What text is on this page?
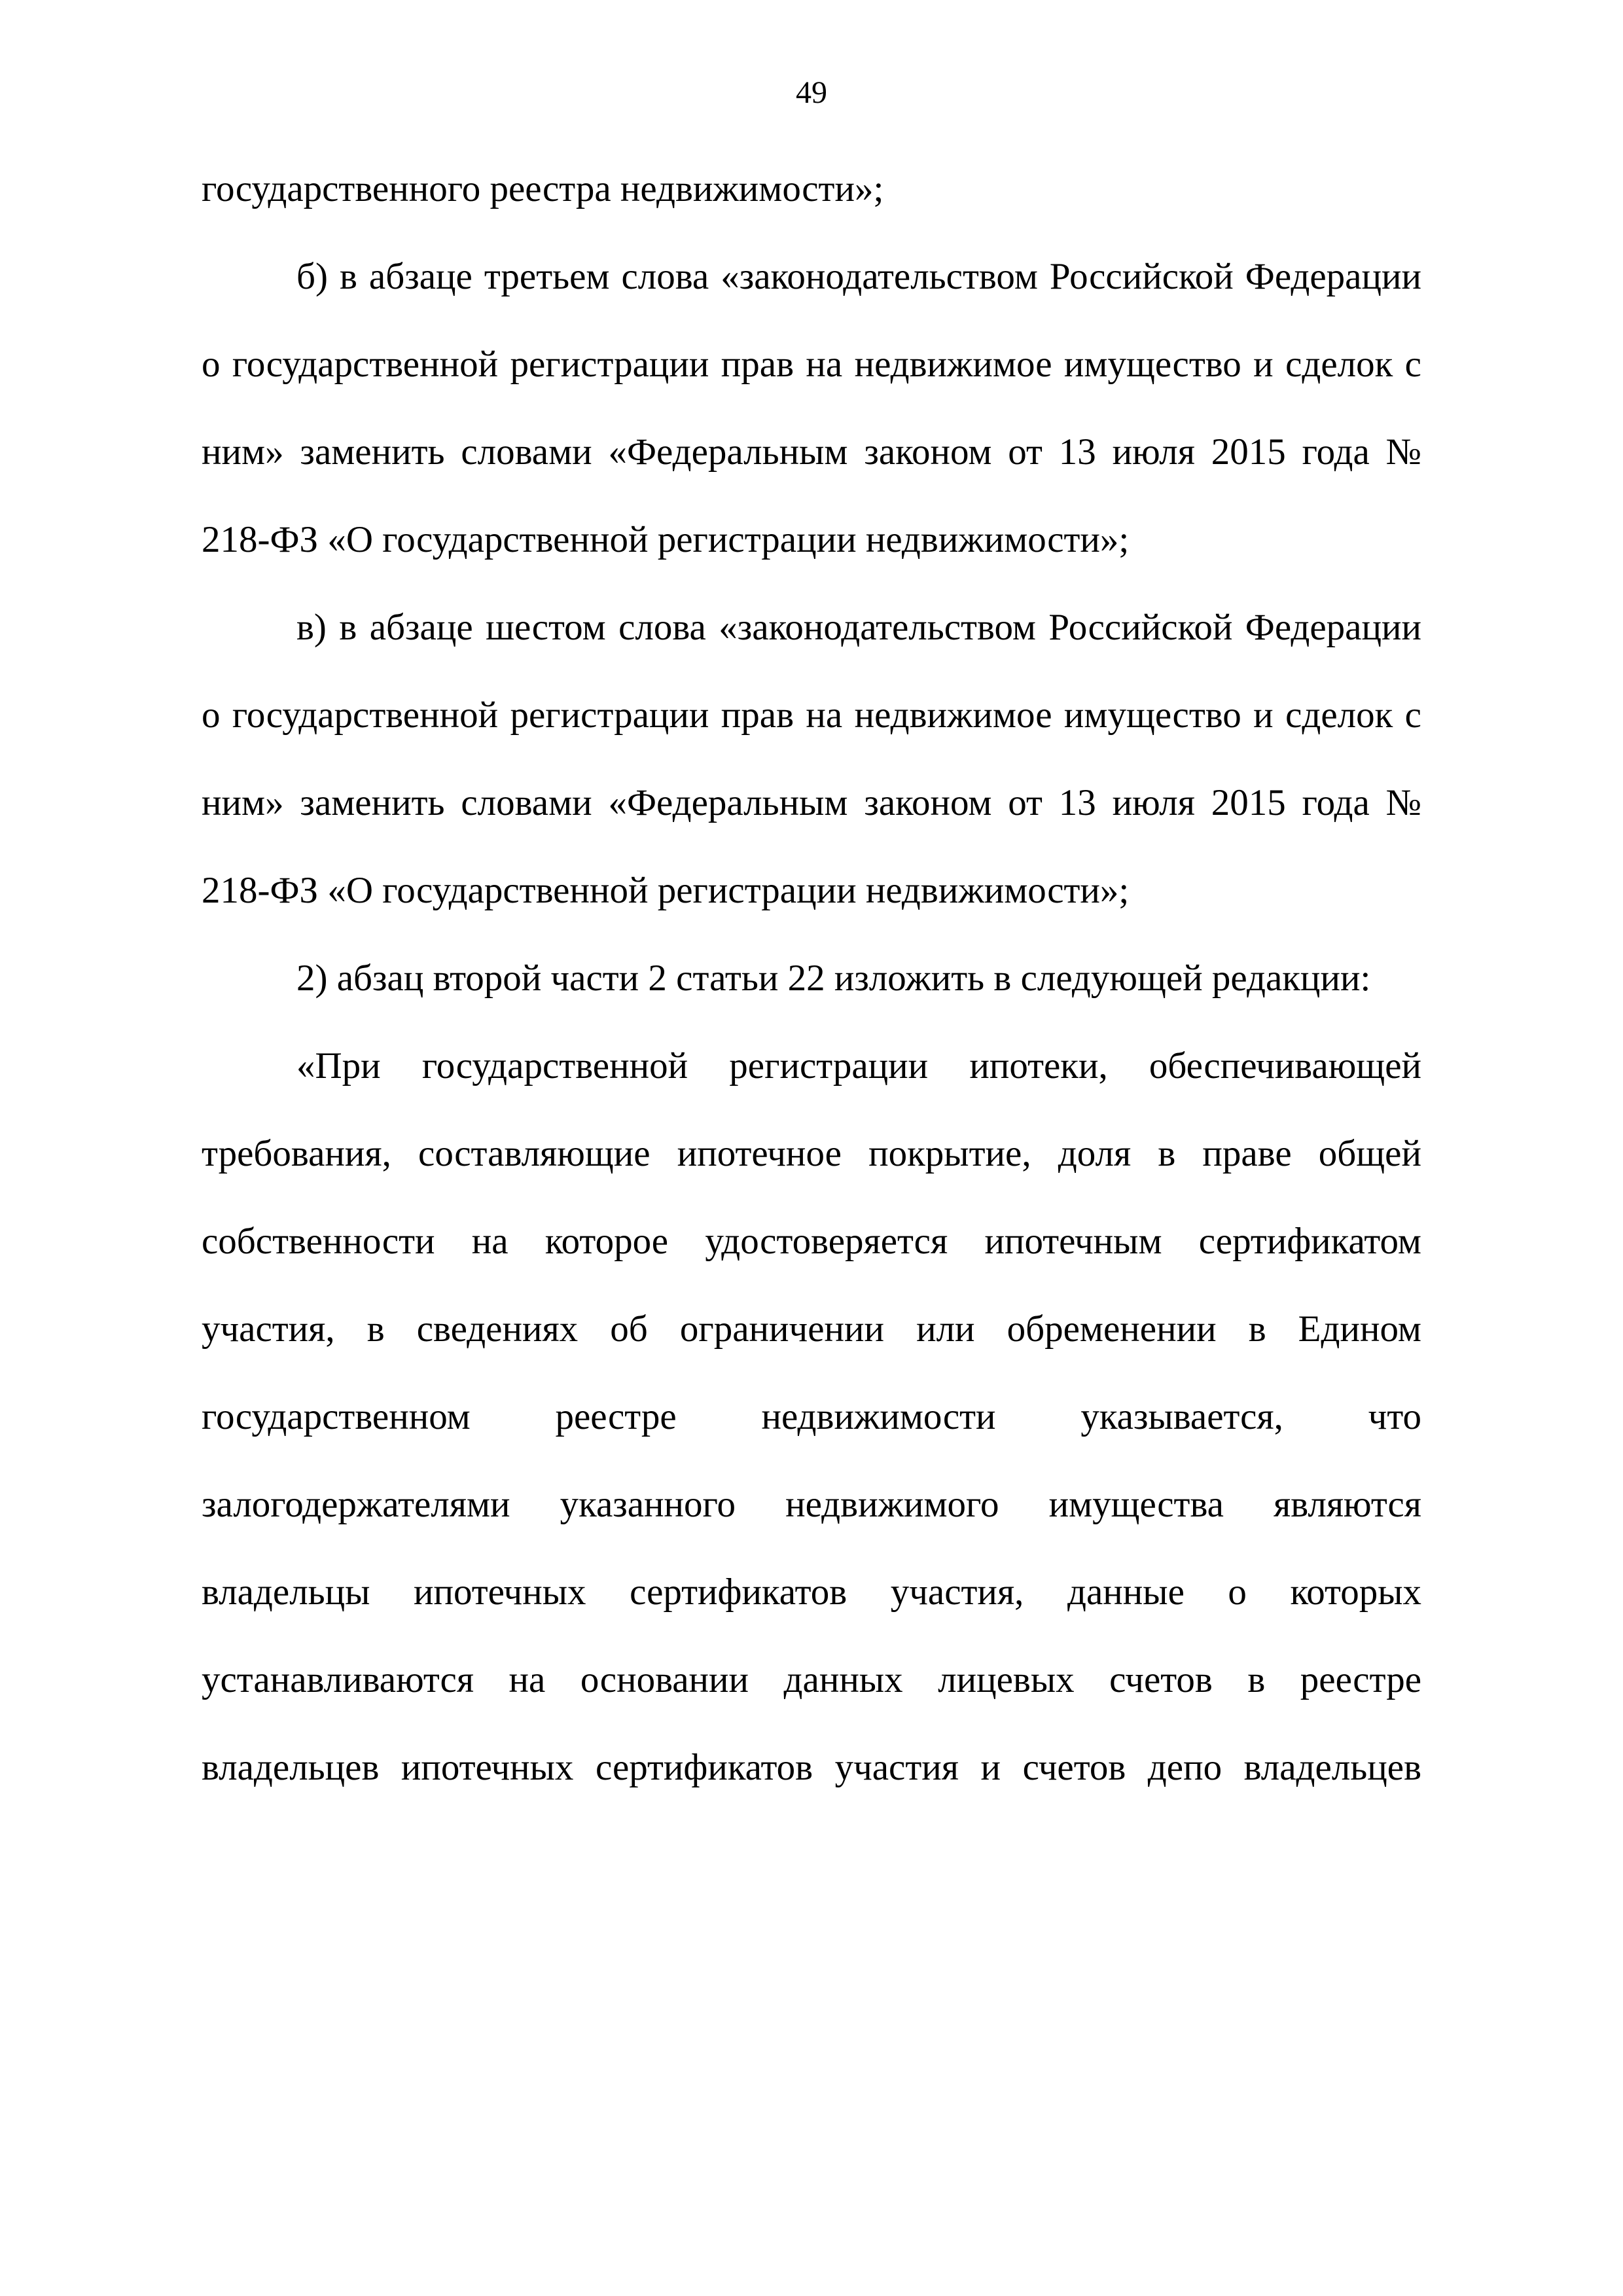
49

государственного реестра недвижимости»;

б) в абзаце третьем слова «законодательством Российской Федерации о государственной регистрации прав на недвижимое имущество и сделок с ним» заменить словами «Федеральным законом от 13 июля 2015 года № 218-ФЗ «О государственной регистрации недвижимости»;

в) в абзаце шестом слова «законодательством Российской Федерации о государственной регистрации прав на недвижимое имущество и сделок с ним» заменить словами «Федеральным законом от 13 июля 2015 года № 218-ФЗ «О государственной регистрации недвижимости»;

2) абзац второй части 2 статьи 22 изложить в следующей редакции:

«При государственной регистрации ипотеки, обеспечивающей требования, составляющие ипотечное покрытие, доля в праве общей собственности на которое удостоверяется ипотечным сертификатом участия, в сведениях об ограничении или обременении в Едином государственном реестре недвижимости указывается, что залогодержателями указанного недвижимого имущества являются владельцы ипотечных сертификатов участия, данные о которых устанавливаются на основании данных лицевых счетов в реестре владельцев ипотечных сертификатов участия и счетов депо владельцев
